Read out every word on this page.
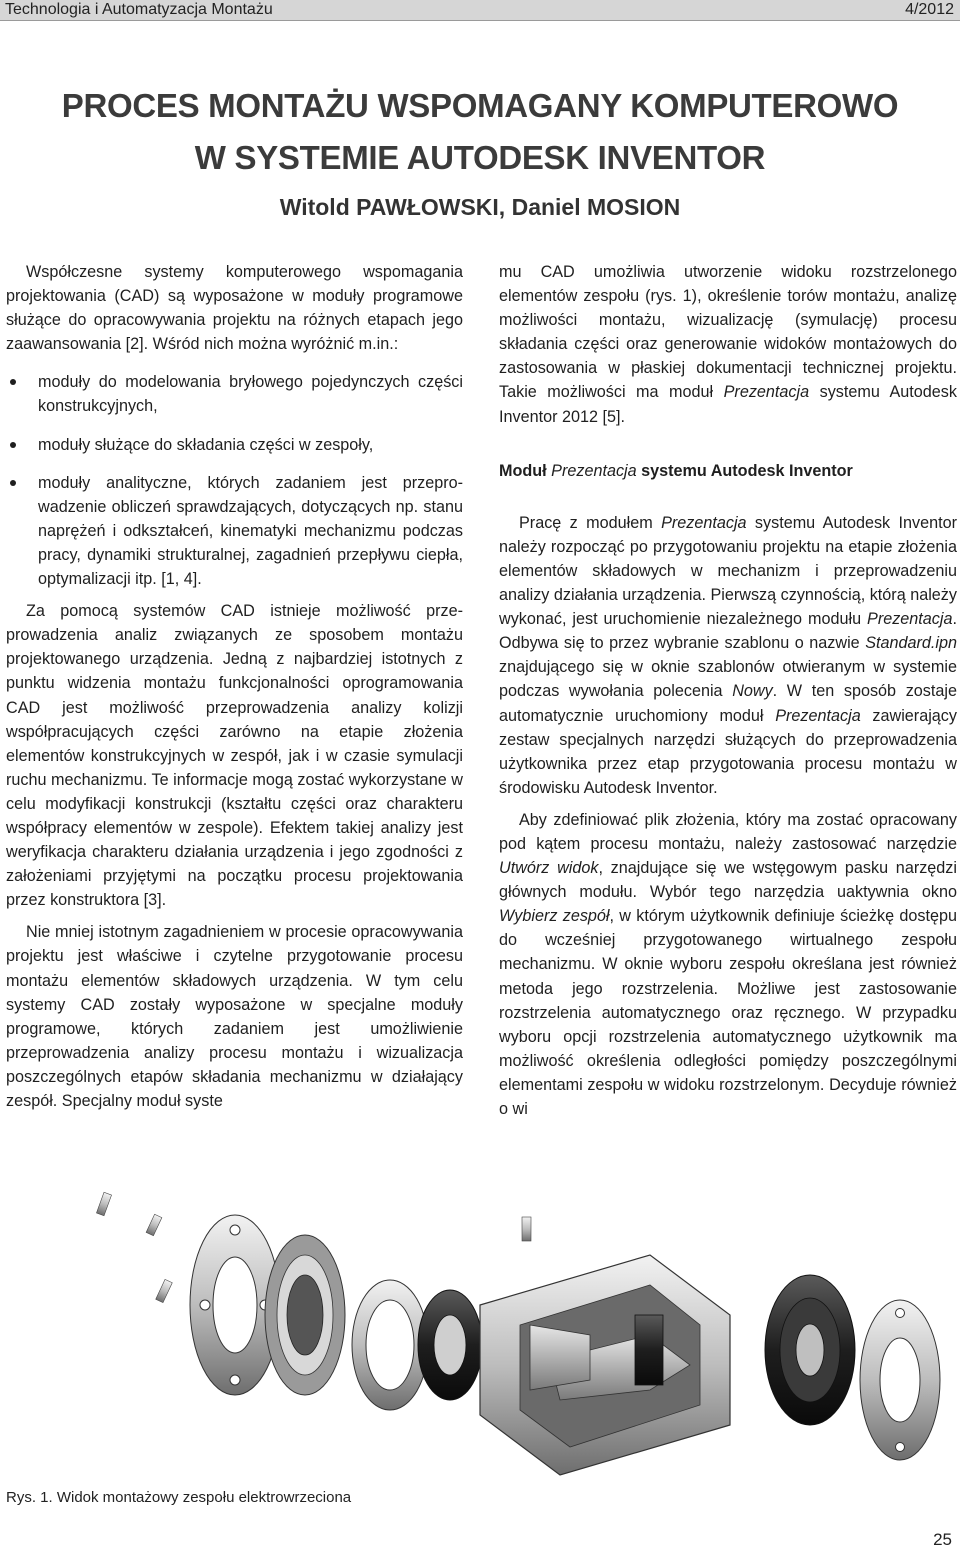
Technologia i Automatyzacja Montażu	4/2012
PROCES MONTAŻU WSPOMAGANY KOMPUTEROWO
W SYSTEMIE AUTODESK INVENTOR
Witold PAWŁOWSKI, Daniel MOSION

Współczesne systemy komputerowego wspomagania projektowania (CAD) są wyposażone w moduły programowe służące do opracowywania projektu na różnych etapach jego zaawansowania [2]. Wśród nich można wyróżnić m.in.:

moduły do modelowania bryłowego pojedynczych części konstrukcyjnych,
moduły służące do składania części w zespoły,
moduły analityczne, których zadaniem jest przeprowadzenie obliczeń sprawdzających, dotyczących np. stanu naprężeń i odkształceń, kinematyki mechanizmu podczas pracy, dynamiki strukturalnej, zagadnień przepływu ciepła, optymalizacji itp. [1, 4].

Za pomocą systemów CAD istnieje możliwość przeprowadzenia analiz związanych ze sposobem montażu projektowanego urządzenia. Jedną z najbardziej istotnych z punktu widzenia montażu funkcjonalności oprogramowania CAD jest możliwość przeprowadzenia analizy kolizji współpracujących części zarówno na etapie złożenia elementów konstrukcyjnych w zespół, jak i w czasie symulacji ruchu mechanizmu. Te informacje mogą zostać wykorzystane w celu modyfikacji konstrukcji (kształtu części oraz charakteru współpracy elementów w zespole). Efektem takiej analizy jest weryfikacja charakteru działania urządzenia i jego zgodności z założeniami przyjętymi na początku procesu projektowania przez konstruktora [3].

Nie mniej istotnym zagadnieniem w procesie opracowywania projektu jest właściwe i czytelne przygotowanie procesu montażu elementów składowych urządzenia. W tym celu systemy CAD zostały wyposażone w specjalne moduły programowe, których zadaniem jest umożliwienie przeprowadzenia analizy procesu montażu i wizualizacja poszczególnych etapów składania mechanizmu w działający zespół. Specjalny moduł syste

mu CAD umożliwia utworzenie widoku rozstrzelonego elementów zespołu (rys. 1), określenie torów montażu, analizę możliwości montażu, wizualizację (symulację) procesu składania części oraz generowanie widoków montażowych do zastosowania w płaskiej dokumentacji technicznej projektu. Takie możliwości ma moduł Prezentacja systemu Autodesk Inventor 2012 [5].

Moduł Prezentacja systemu Autodesk Inventor

Pracę z modułem Prezentacja systemu Autodesk Inventor należy rozpocząć po przygotowaniu projektu na etapie złożenia elementów składowych w mechanizm i przeprowadzeniu analizy działania urządzenia. Pierwszą czynnością, którą należy wykonać, jest uruchomienie niezależnego modułu Prezentacja. Odbywa się to przez wybranie szablonu o nazwie Standard.ipn znajdującego się w oknie szablonów otwieranym w systemie podczas wywołania polecenia Nowy. W ten sposób zostaje automatycznie uruchomiony moduł Prezentacja zawierający zestaw specjalnych narzędzi służących do przeprowadzenia użytkownika przez etap przygotowania procesu montażu w środowisku Autodesk Inventor.

Aby zdefiniować plik złożenia, który ma zostać opracowany pod kątem procesu montażu, należy zastosować narzędzie Utwórz widok, znajdujące się we wstęgowym pasku narzędzi głównych modułu. Wybór tego narzędzia uaktywnia okno Wybierz zespół, w którym użytkownik definiuje ścieżkę dostępu do wcześniej przygotowanego wirtualnego zespołu mechanizmu. W oknie wyboru zespołu określana jest również metoda jego rozstrzelenia. Możliwe jest zastosowanie rozstrzelenia automatycznego oraz ręcznego. W przypadku wyboru opcji rozstrzelenia automatycznego użytkownik ma możliwość określenia odległości pomiędzy poszczególnymi elementami zespołu w widoku rozstrzelonym. Decyduje również o wi

Rys. 1. Widok montażowy zespołu elektrowrzeciona
25
